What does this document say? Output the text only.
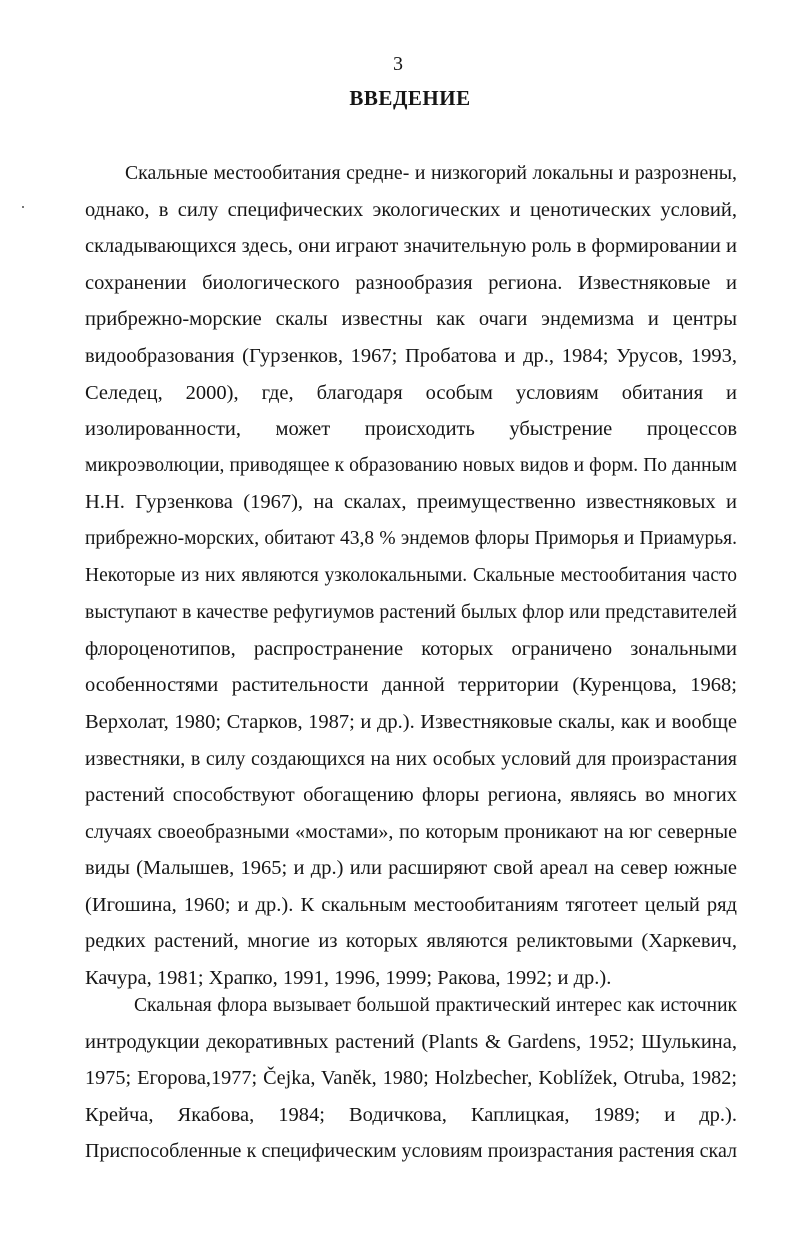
3
ВВЕДЕНИЕ
Скальные местообитания средне- и низкогорий локальны и разрознены,
однако, в силу специфических экологических и ценотических условий,
складывающихся здесь, они играют значительную роль в формировании и
сохранении биологического разнообразия региона. Известняковые и
прибрежно-морские скалы известны как очаги эндемизма и центры
видообразования (Гурзенков, 1967; Пробатова и др., 1984; Урусов, 1993,
Селедец, 2000), где, благодаря особым условиям обитания и
изолированности, может происходить убыстрение процессов
микроэволюции, приводящее к образованию новых видов и форм. По данным
Н.Н. Гурзенкова (1967), на скалах, преимущественно известняковых и
прибрежно-морских, обитают 43,8 % эндемов флоры Приморья и Приамурья.
Некоторые из них являются узколокальными. Скальные местообитания часто
выступают в качестве рефугиумов растений былых флор или представителей
флороценотипов, распространение которых ограничено зональными
особенностями растительности данной территории (Куренцова, 1968;
Верхолат, 1980; Старков, 1987; и др.). Известняковые скалы, как и вообще
известняки, в силу создающихся на них особых условий для произрастания
растений способствуют обогащению флоры региона, являясь во многих
случаях своеобразными «мостами», по которым проникают на юг северные
виды (Малышев, 1965; и др.) или расширяют свой ареал на север южные
(Игошина, 1960; и др.). К скальным местообитаниям тяготеет целый ряд
редких растений, многие из которых являются реликтовыми (Харкевич,
Качура, 1981; Храпко, 1991, 1996, 1999; Ракова, 1992; и др.).
Скальная флора вызывает большой практический интерес как источник
интродукции декоративных растений (Plants & Gardens, 1952; Шулькина,
1975; Егорова,1977; Čejka, Vaněk, 1980; Holzbecher, Koblížek, Otruba, 1982;
Крейча, Якабова, 1984; Водичкова, Каплицкая, 1989; и др.).
Приспособленные к специфическим условиям произрастания растения скал
